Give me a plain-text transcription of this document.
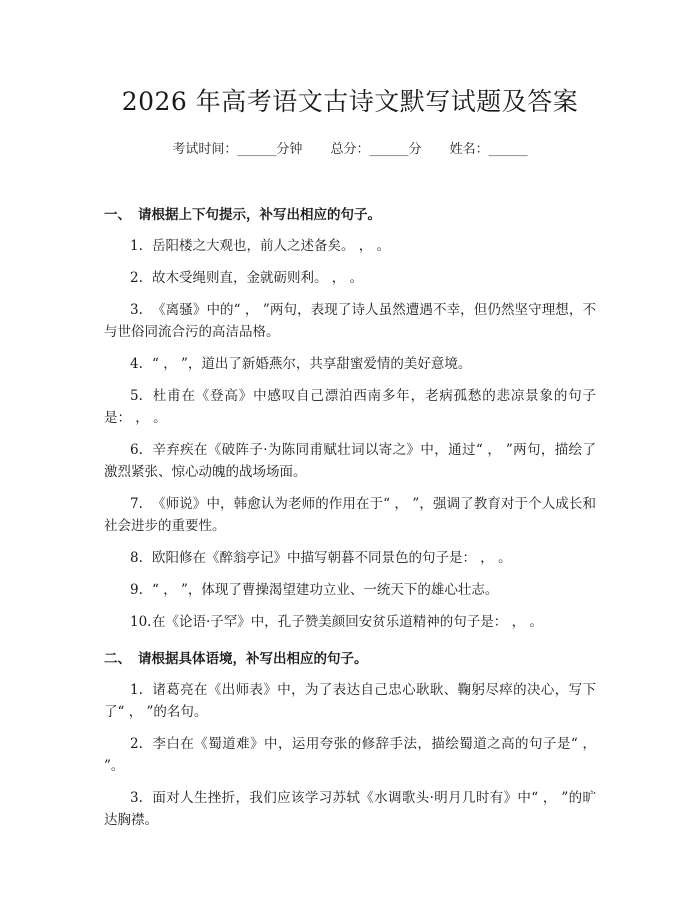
2026 年高考语文古诗文默写试题及答案
考试时间：______分钟 总分：______分 姓名：______
一、 请根据上下句提示，补写出相应的句子。

1. 岳阳楼之大观也，前人之述备矣。 ， 。

2. 故木受绳则直，金就砺则利。 ， 。

3. 《离骚》中的“ ， ”两句，表现了诗人虽然遭遇不幸，但仍然坚守理想，不与世俗同流合污的高洁品格。

4. “ ， ”，道出了新婚燕尔，共享甜蜜爱情的美好意境。

5. 杜甫在《登高》中感叹自己漂泊西南多年，老病孤愁的悲凉景象的句子是： ， 。

6. 辛弃疾在《破阵子·为陈同甫赋壮词以寄之》中，通过“ ， ”两句，描绘了激烈紧张、惊心动魄的战场场面。

7. 《师说》中，韩愈认为老师的作用在于“ ， ”，强调了教育对于个人成长和社会进步的重要性。

8. 欧阳修在《醉翁亭记》中描写朝暮不同景色的句子是： ， 。

9. “ ， ”，体现了曹操渴望建功立业、一统天下的雄心壮志。

10.在《论语·子罕》中，孔子赞美颜回安贫乐道精神的句子是： ， 。

二、 请根据具体语境，补写出相应的句子。

1. 诸葛亮在《出师表》中，为了表达自己忠心耿耿、鞠躬尽瘁的决心，写下了“ ， ”的名句。

2. 李白在《蜀道难》中，运用夸张的修辞手法，描绘蜀道之高的句子是“ ， ”。

3. 面对人生挫折，我们应该学习苏轼《水调歌头·明月几时有》中“ ， ”的旷达胸襟。
